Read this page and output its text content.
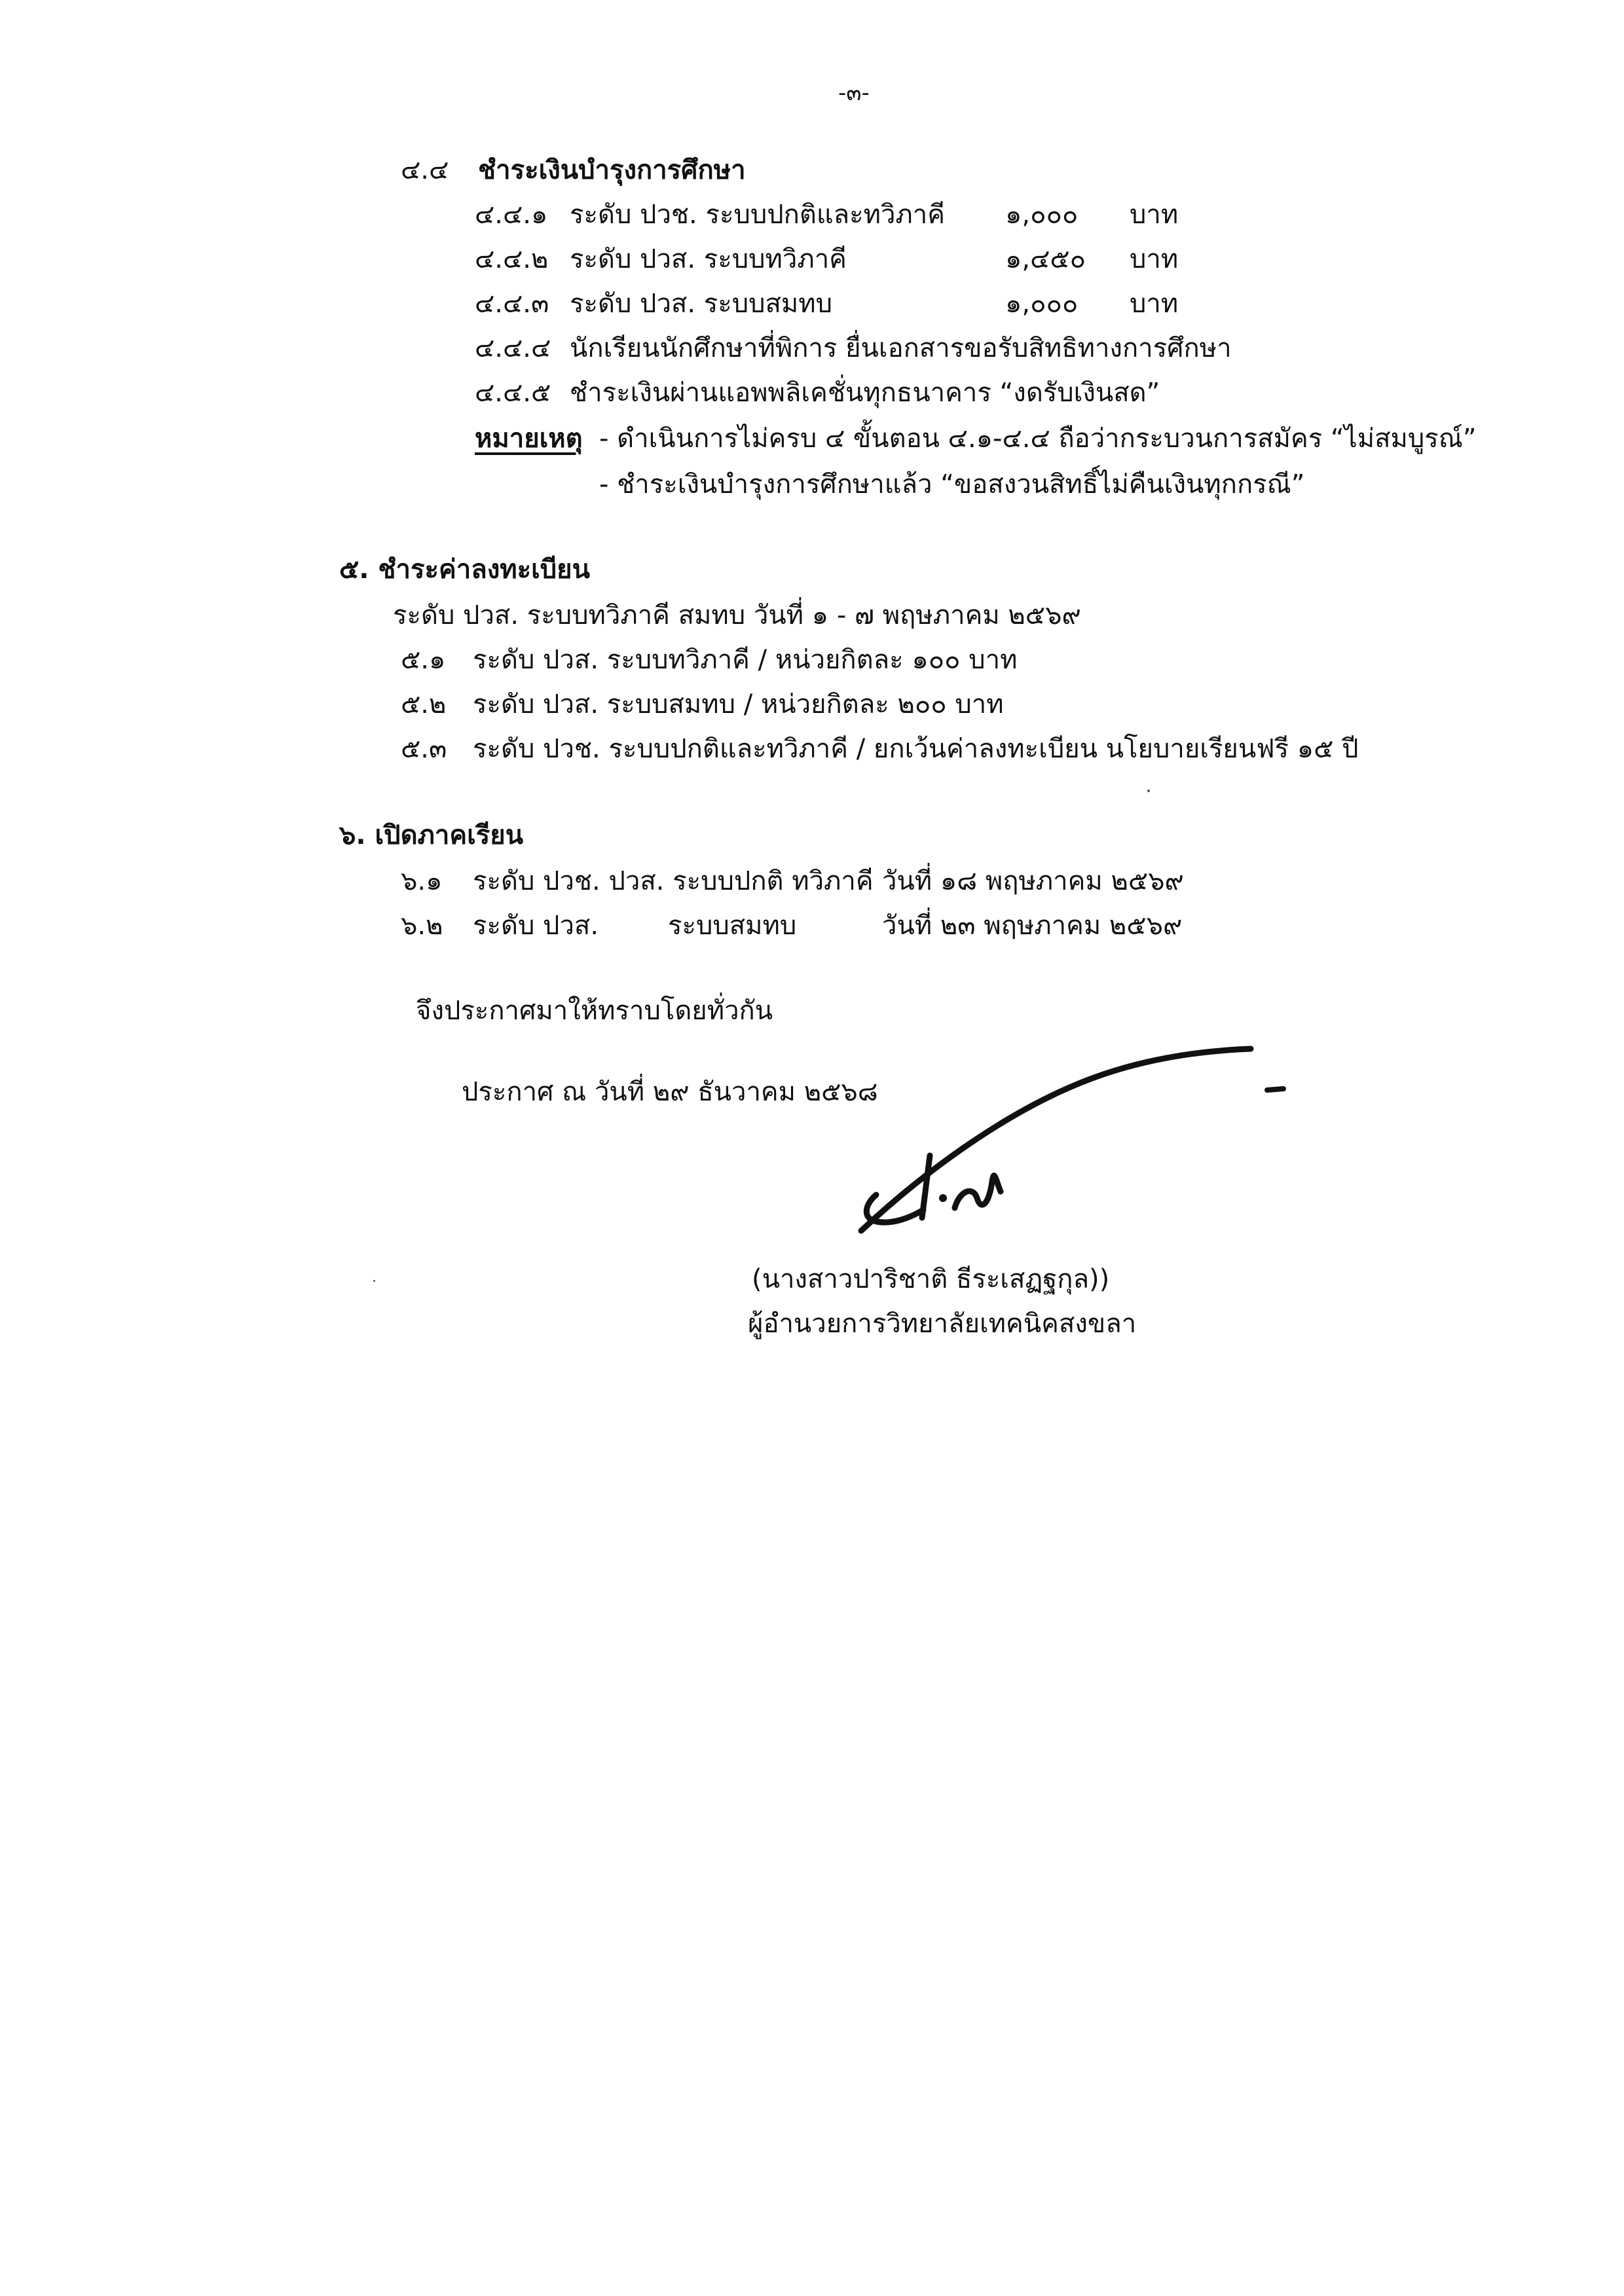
-๓-
๔.๔ ชำระเงินบำรุงการศึกษา
๔.๔.๑ ระดับ ปวช. ระบบปกติและทวิภาคี ๑,๐๐๐ บาท
๔.๔.๒ ระดับ ปวส. ระบบทวิภาคี	๑,๔๕๐ บาท
๔.๔.๓ ระดับ ปวส. ระบบสมทบ	๑,๐๐๐ บาท
๔.๔.๔ นักเรียนนักศึกษาที่พิการ ยื่นเอกสารขอรับสิทธิทางการศึกษา
๔.๔.๕ ชำระเงินผ่านแอพพลิเคชั่นทุกธนาคาร “งดรับเงินสด”
หมายเหตุ - ดำเนินการไม่ครบ ๔ ขั้นตอน ๔.๑-๔.๔ ถือว่ากระบวนการสมัคร “ไม่สมบูรณ์”
- ชำระเงินบำรุงการศึกษาแล้ว “ขอสงวนสิทธิ์ไม่คืนเงินทุกกรณี”
๕. ชำระค่าลงทะเบียน
ระดับ ปวส. ระบบทวิภาคี สมทบ วันที่ ๑ - ๗ พฤษภาคม ๒๕๖๙
๕.๑ ระดับ ปวส. ระบบทวิภาคี / หน่วยกิตละ ๑๐๐ บาท
๕.๒ ระดับ ปวส. ระบบสมทบ / หน่วยกิตละ ๒๐๐ บาท
๕.๓ ระดับ ปวช. ระบบปกติและทวิภาคี / ยกเว้นค่าลงทะเบียน นโยบายเรียนฟรี ๑๕ ปี
๖. เปิดภาคเรียน
๖.๑ ระดับ ปวช. ปวส. ระบบปกติ ทวิภาคี วันที่ ๑๘ พฤษภาคม ๒๕๖๙
๖.๒ ระดับ ปวส.	ระบบสมทบ	วันที่ ๒๓ พฤษภาคม ๒๕๖๙
จึงประกาศมาให้ทราบโดยทั่วกัน
ประกาศ ณ วันที่ ๒๙ ธันวาคม ๒๕๖๘
(นางสาวปาริชาติ ธีระเสฏฐกุล))
ผู้อำนวยการวิทยาลัยเทคนิคสงขลา
